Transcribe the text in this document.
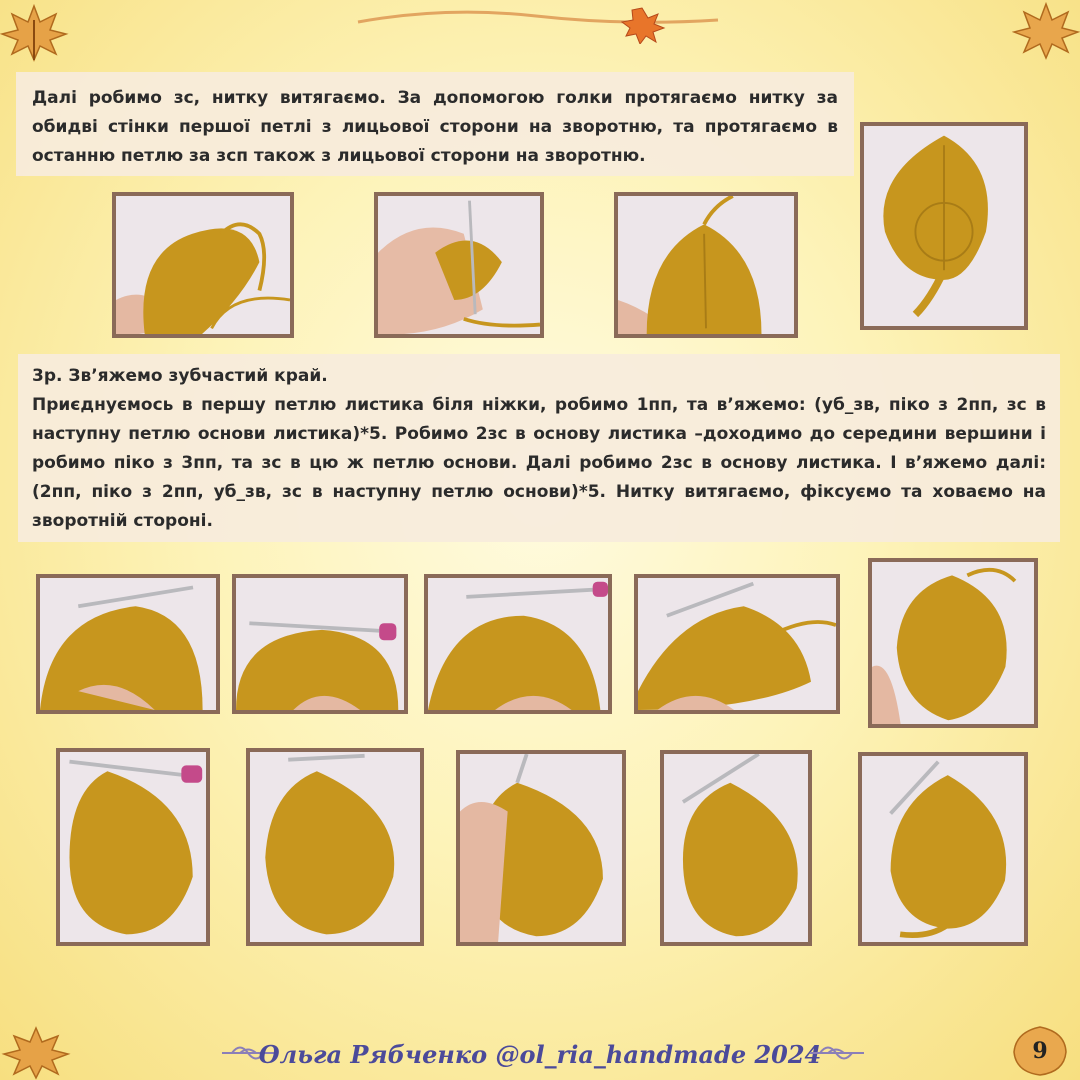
Далі робимо зс, нитку витягаємо. За допомогою голки протягаємо нитку за обидві стінки першої петлі з лицьової сторони на зворотню, та протягаємо в останню петлю за зсп також з лицьової сторони на зворотню.

3р. Зв’яжемо зубчастий край.

Приєднуємось в першу петлю листика біля ніжки, робимо 1пп, та в’яжемо: (уб_зв, піко з 2пп, зс в наступну петлю основи листика)*5. Робимо 2зс в основу листика –доходимо до середини вершини і робимо піко з 3пп, та зс в цю ж петлю основи. Далі робимо 2зс в основу листика. І в’яжемо далі: (2пп, піко з 2пп, уб_зв, зс в наступну петлю основи)*5. Нитку витягаємо, фіксуємо та ховаємо на зворотній стороні.

Ольга Рябченко @ol_ria_handmade 2024	9
